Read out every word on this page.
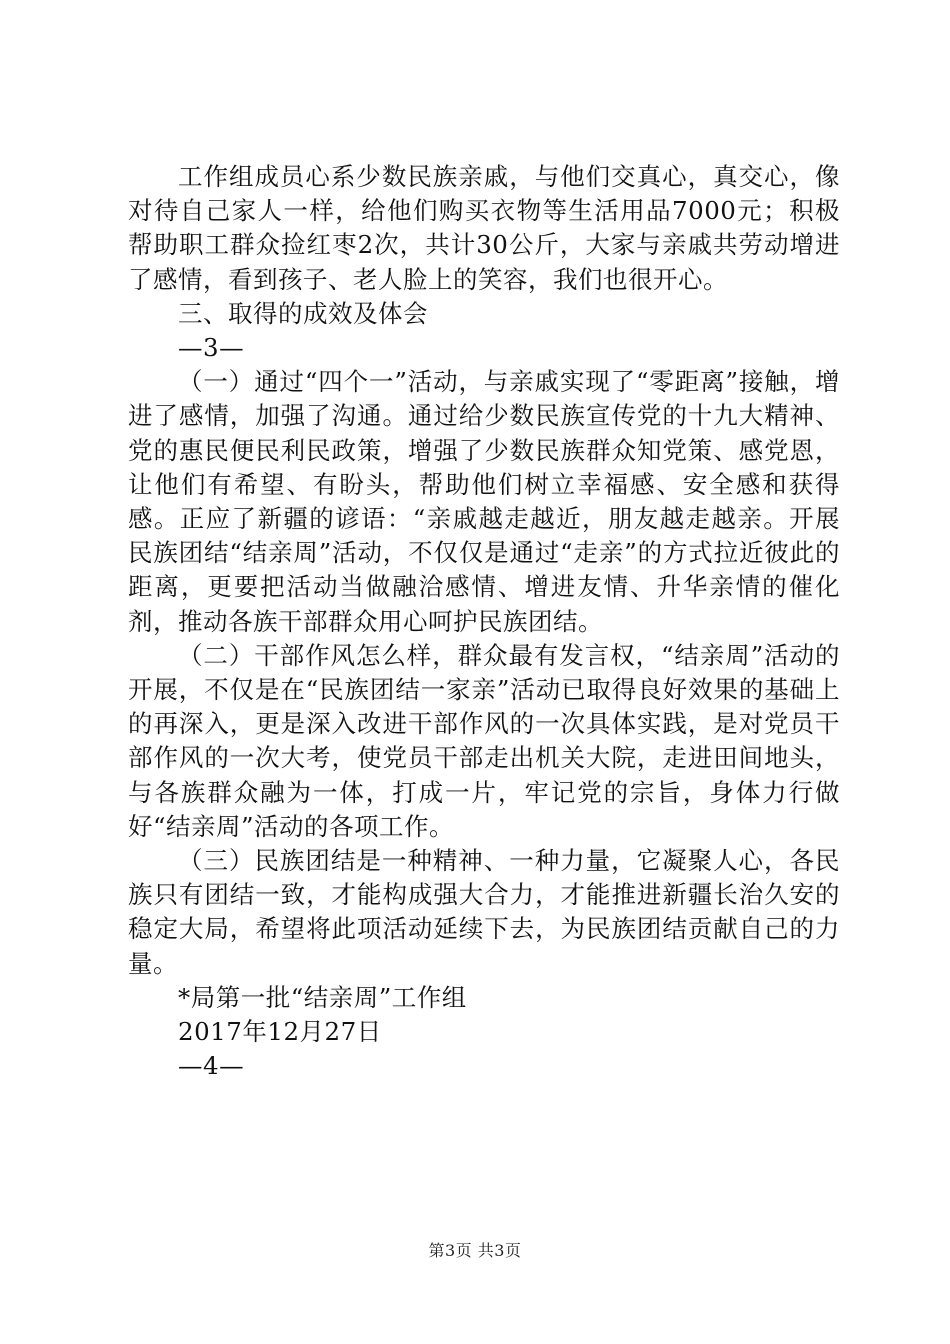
工作组成员心系少数民族亲戚，与他们交真心，真交心，像对待自己家人一样，给他们购买衣物等生活用品7000元；积极帮助职工群众捡红枣2次，共计30公斤，大家与亲戚共劳动增进了感情，看到孩子、老人脸上的笑容，我们也很开心。

三、取得的成效及体会

—3—

（一）通过“四个一”活动，与亲戚实现了“零距离”接触，增进了感情，加强了沟通。通过给少数民族宣传党的十九大精神、党的惠民便民利民政策，增强了少数民族群众知党策、感党恩，让他们有希望、有盼头，帮助他们树立幸福感、安全感和获得感。正应了新疆的谚语：“亲戚越走越近，朋友越走越亲。开展民族团结“结亲周”活动，不仅仅是通过“走亲”的方式拉近彼此的距离，更要把活动当做融洽感情、增进友情、升华亲情的催化剂，推动各族干部群众用心呵护民族团结。

（二）干部作风怎么样，群众最有发言权，“结亲周”活动的开展，不仅是在“民族团结一家亲”活动已取得良好效果的基础上的再深入，更是深入改进干部作风的一次具体实践，是对党员干部作风的一次大考，使党员干部走出机关大院，走进田间地头，与各族群众融为一体，打成一片，牢记党的宗旨，身体力行做好“结亲周”活动的各项工作。

（三）民族团结是一种精神、一种力量，它凝聚人心，各民族只有团结一致，才能构成强大合力，才能推进新疆长治久安的稳定大局，希望将此项活动延续下去，为民族团结贡献自己的力量。

*局第一批“结亲周”工作组

2017年12月27日

—4—

第3页 共3页
